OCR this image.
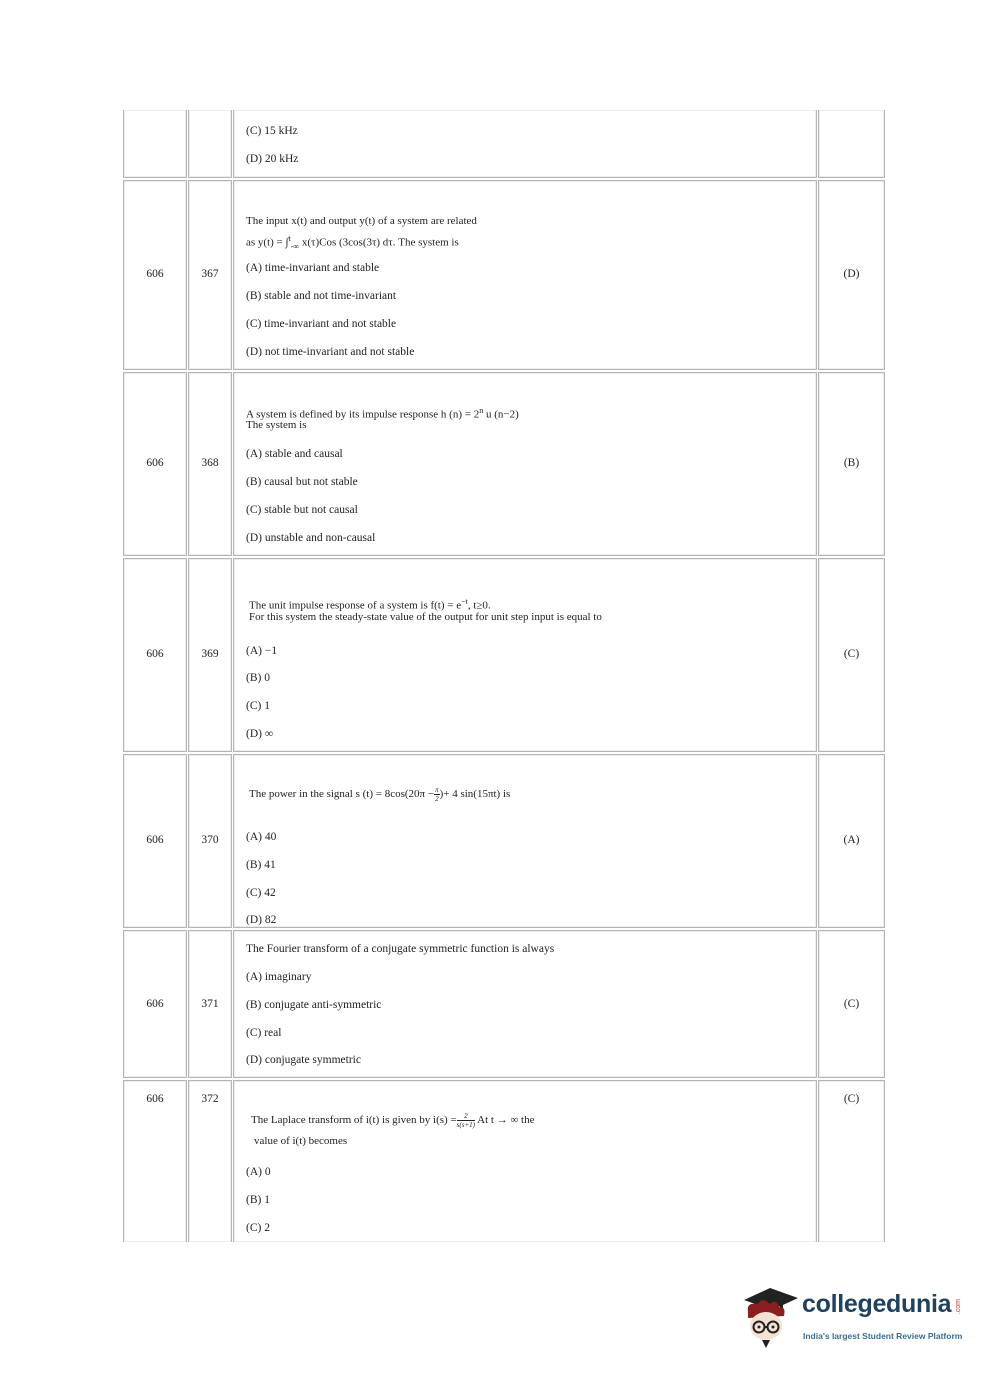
(C) 15 kHz
(D) 20 kHz
606	367
The input x(t) and output y(t) of a system are related
as y(t) = ∫$^t_{-\infty}$ x(τ)Cos (3cos(3τ) dτ. The system is
(A) time-invariant and stable
(B) stable and not time-invariant
(C) time-invariant and not stable
(D) not time-invariant and not stable
(D)
606	368
A system is defined by its impulse response h $(n) = 2^n$ u (n−2)
The system is
(A) stable and causal
(B) causal but not stable
(C) stable but not causal
(D) unstable and non-causal
(B)
606	369
The unit impulse response of a system is $f(t) = e^{-t}$, t≥0.
For this system the steady-state value of the output for unit step input is equal to
(A) −1
(B) 0
(C) 1
(D) ∞
(C)
606	370
The power in the signal s $(t) = 8\cos(20\pi - \frac{\pi}{2}$ )+ 4 sin(15πt) is
(A) 40
(B) 41
(C) 42
(D) 82
(A)
606	371
The Fourier transform of a conjugate symmetric function is always
(A) imaginary
(B) conjugate anti-symmetric
(C) real
(D) conjugate symmetric
(C)
606	372
The Laplace transform of i(t) is given by $i(s) = \frac{2}{s(s+1)}$ At t → ∞ the
value of i(t) becomes
(A) 0
(B) 1
(C) 2
(C)
collegedunia .com
India's largest Student Review Platform
